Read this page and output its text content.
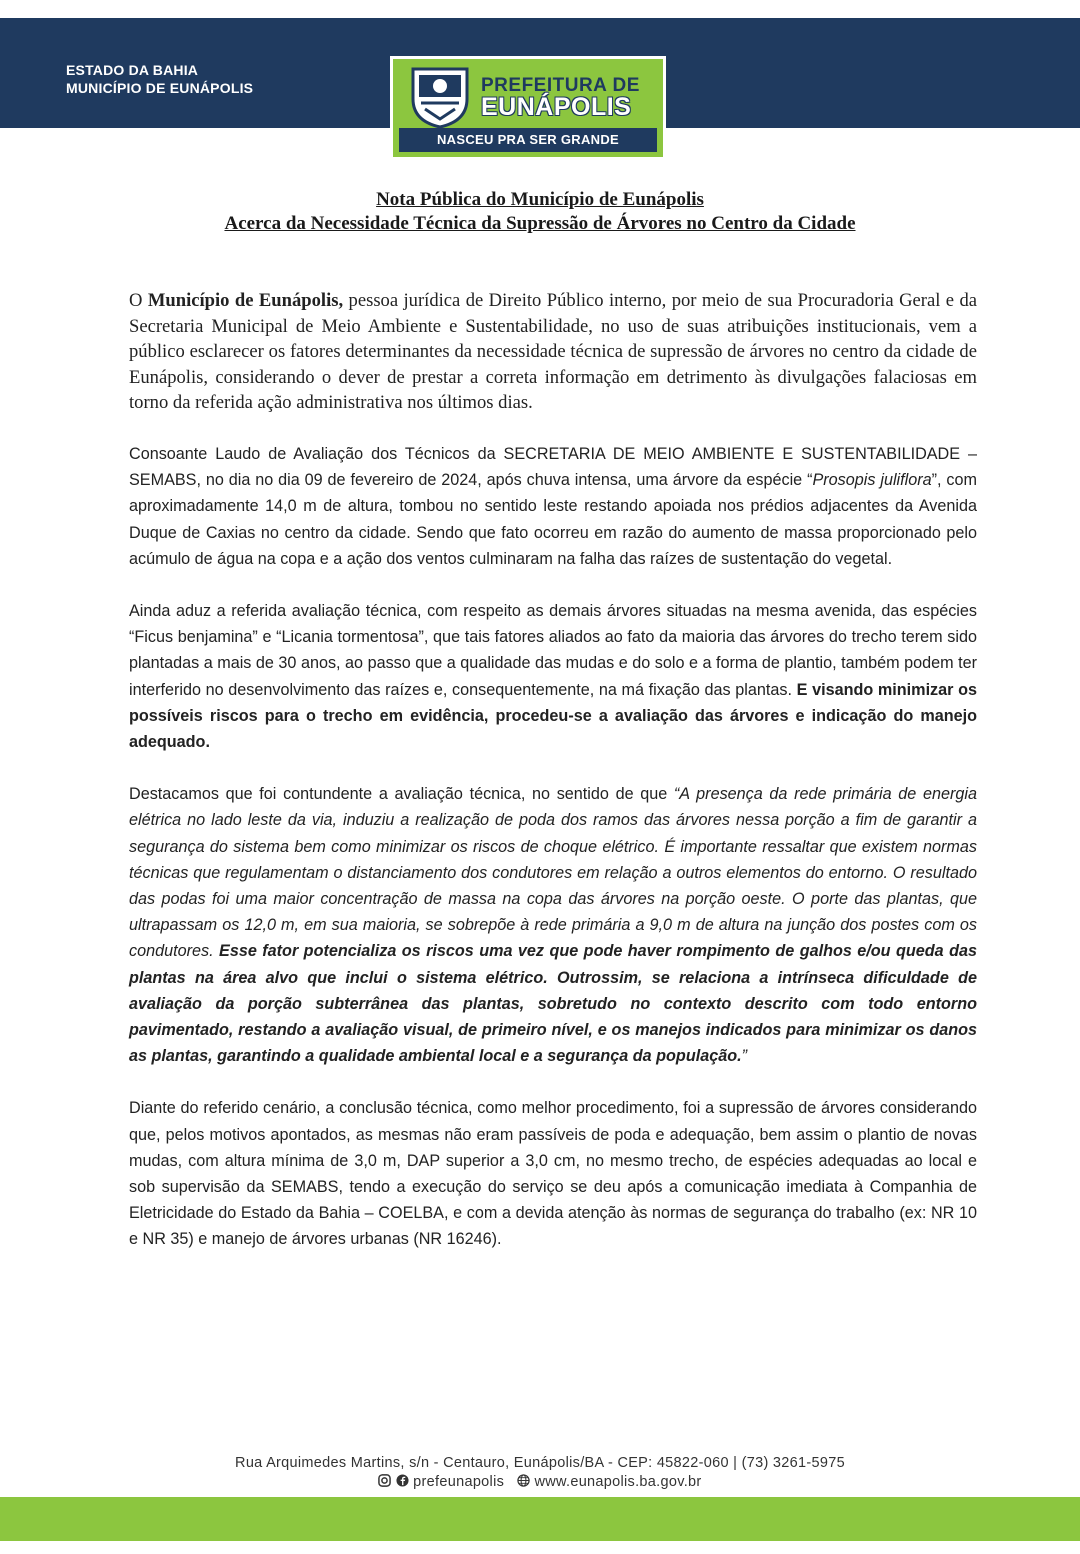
ESTADO DA BAHIA
MUNICÍPIO DE EUNÁPOLIS	PREFEITURA DE
EUNÁPOLIS
NASCEU PRA SER GRANDE
Nota Pública do Município de Eunápolis
Acerca da Necessidade Técnica da Supressão de Árvores no Centro da Cidade

O Município de Eunápolis, pessoa jurídica de Direito Público interno, por meio de sua Procuradoria Geral e da Secretaria Municipal de Meio Ambiente e Sustentabilidade, no uso de suas atribuições institucionais, vem a público esclarecer os fatores determinantes da necessidade técnica de supressão de árvores no centro da cidade de Eunápolis, considerando o dever de prestar a correta informação em detrimento às divulgações falaciosas em torno da referida ação administrativa nos últimos dias.

Consoante Laudo de Avaliação dos Técnicos da SECRETARIA DE MEIO AMBIENTE E SUSTENTABILIDADE – SEMABS, no dia no dia 09 de fevereiro de 2024, após chuva intensa, uma árvore da espécie “Prosopis juliflora”, com aproximadamente 14,0 m de altura, tombou no sentido leste restando apoiada nos prédios adjacentes da Avenida Duque de Caxias no centro da cidade. Sendo que fato ocorreu em razão do aumento de massa proporcionado pelo acúmulo de água na copa e a ação dos ventos culminaram na falha das raízes de sustentação do vegetal.

Ainda aduz a referida avaliação técnica, com respeito as demais árvores situadas na mesma avenida, das espécies “Ficus benjamina” e “Licania tormentosa”, que tais fatores aliados ao fato da maioria das árvores do trecho terem sido plantadas a mais de 30 anos, ao passo que a qualidade das mudas e do solo e a forma de plantio, também podem ter interferido no desenvolvimento das raízes e, consequentemente, na má fixação das plantas. E visando minimizar os possíveis riscos para o trecho em evidência, procedeu-se a avaliação das árvores e indicação do manejo adequado.

Destacamos que foi contundente a avaliação técnica, no sentido de que “A presença da rede primária de energia elétrica no lado leste da via, induziu a realização de poda dos ramos das árvores nessa porção a fim de garantir a segurança do sistema bem como minimizar os riscos de choque elétrico. É importante ressaltar que existem normas técnicas que regulamentam o distanciamento dos condutores em relação a outros elementos do entorno. O resultado das podas foi uma maior concentração de massa na copa das árvores na porção oeste. O porte das plantas, que ultrapassam os 12,0 m, em sua maioria, se sobrepõe à rede primária a 9,0 m de altura na junção dos postes com os condutores. Esse fator potencializa os riscos uma vez que pode haver rompimento de galhos e/ou queda das plantas na área alvo que inclui o sistema elétrico. Outrossim, se relaciona a intrínseca dificuldade de avaliação da porção subterrânea das plantas, sobretudo no contexto descrito com todo entorno pavimentado, restando a avaliação visual, de primeiro nível, e os manejos indicados para minimizar os danos as plantas, garantindo a qualidade ambiental local e a segurança da população.”

Diante do referido cenário, a conclusão técnica, como melhor procedimento, foi a supressão de árvores considerando que, pelos motivos apontados, as mesmas não eram passíveis de poda e adequação, bem assim o plantio de novas mudas, com altura mínima de 3,0 m, DAP superior a 3,0 cm, no mesmo trecho, de espécies adequadas ao local e sob supervisão da SEMABS, tendo a execução do serviço se deu após a comunicação imediata à Companhia de Eletricidade do Estado da Bahia – COELBA, e com a devida atenção às normas de segurança do trabalho (ex: NR 10 e NR 35) e manejo de árvores urbanas (NR 16246).

Rua Arquimedes Martins, s/n - Centauro, Eunápolis/BA - CEP: 45822-060 | (73) 3261-5975
prefeunapolis www.eunapolis.ba.gov.br
